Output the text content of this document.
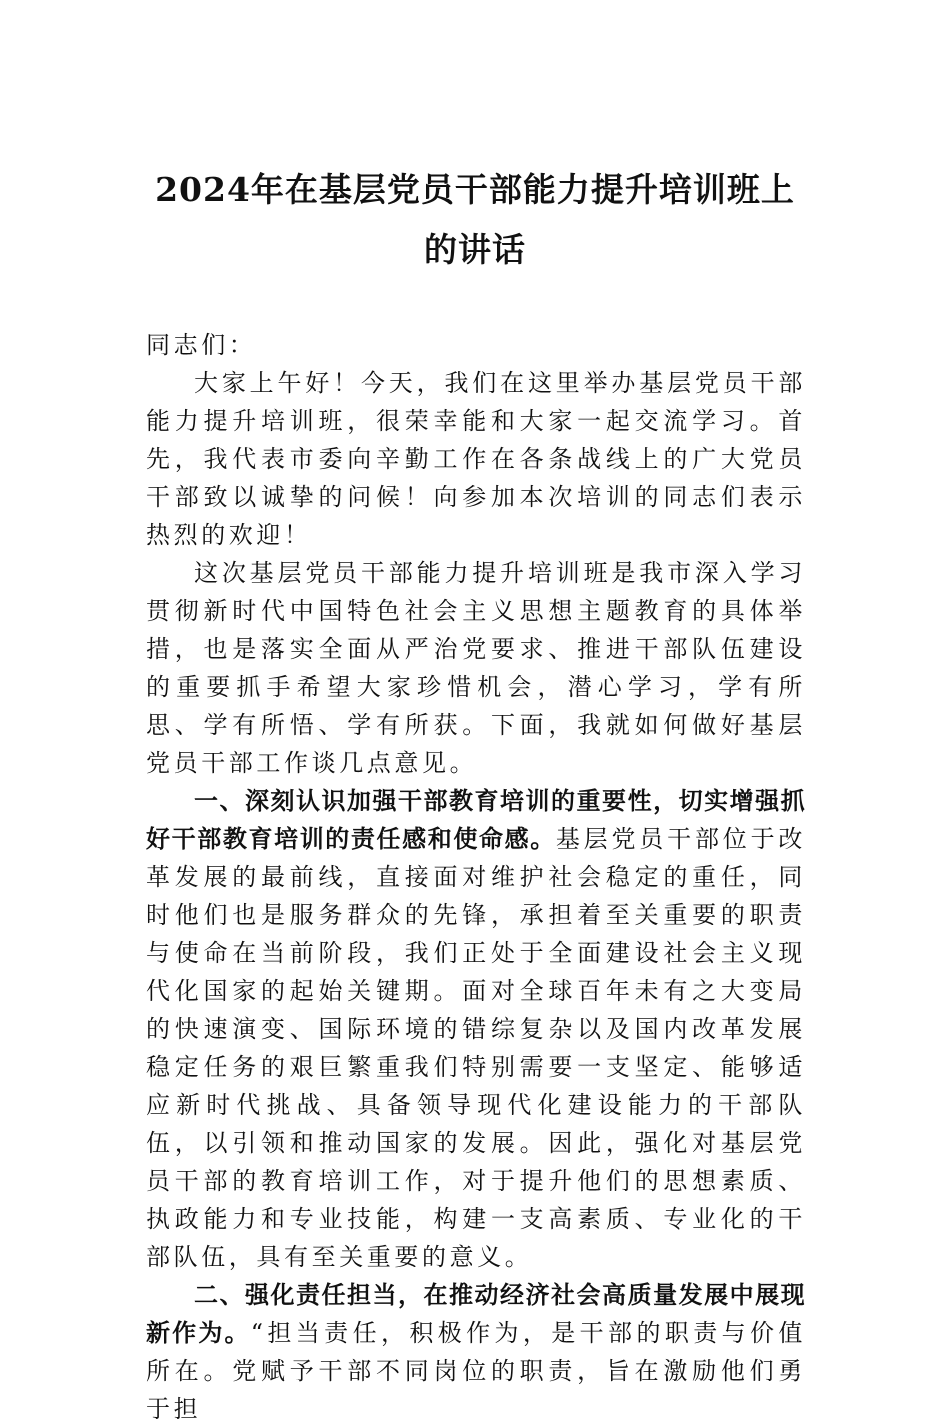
2024年在基层党员干部能力提升培训班上
的讲话

同志们：

大家上午好！今天，我们在这里举办基层党员干部能力提升培训班，很荣幸能和大家一起交流学习。首先，我代表市委向辛勤工作在各条战线上的广大党员干部致以诚挚的问候！向参加本次培训的同志们表示热烈的欢迎！

这次基层党员干部能力提升培训班是我市深入学习贯彻新时代中国特色社会主义思想主题教育的具体举措，也是落实全面从严治党要求、推进干部队伍建设的重要抓手希望大家珍惜机会，潜心学习，学有所思、学有所悟、学有所获。下面，我就如何做好基层党员干部工作谈几点意见。

一、深刻认识加强干部教育培训的重要性，切实增强抓好干部教育培训的责任感和使命感。基层党员干部位于改革发展的最前线，直接面对维护社会稳定的重任，同时他们也是服务群众的先锋，承担着至关重要的职责与使命在当前阶段，我们正处于全面建设社会主义现代化国家的起始关键期。面对全球百年未有之大变局的快速演变、国际环境的错综复杂以及国内改革发展稳定任务的艰巨繁重我们特别需要一支坚定、能够适应新时代挑战、具备领导现代化建设能力的干部队伍，以引领和推动国家的发展。因此，强化对基层党员干部的教育培训工作，对于提升他们的思想素质、执政能力和专业技能，构建一支高素质、专业化的干部队伍，具有至关重要的意义。

二、强化责任担当，在推动经济社会高质量发展中展现新作为。“担当责任，积极作为，是干部的职责与价值所在。党赋予干部不同岗位的职责，旨在激励他们勇于担
